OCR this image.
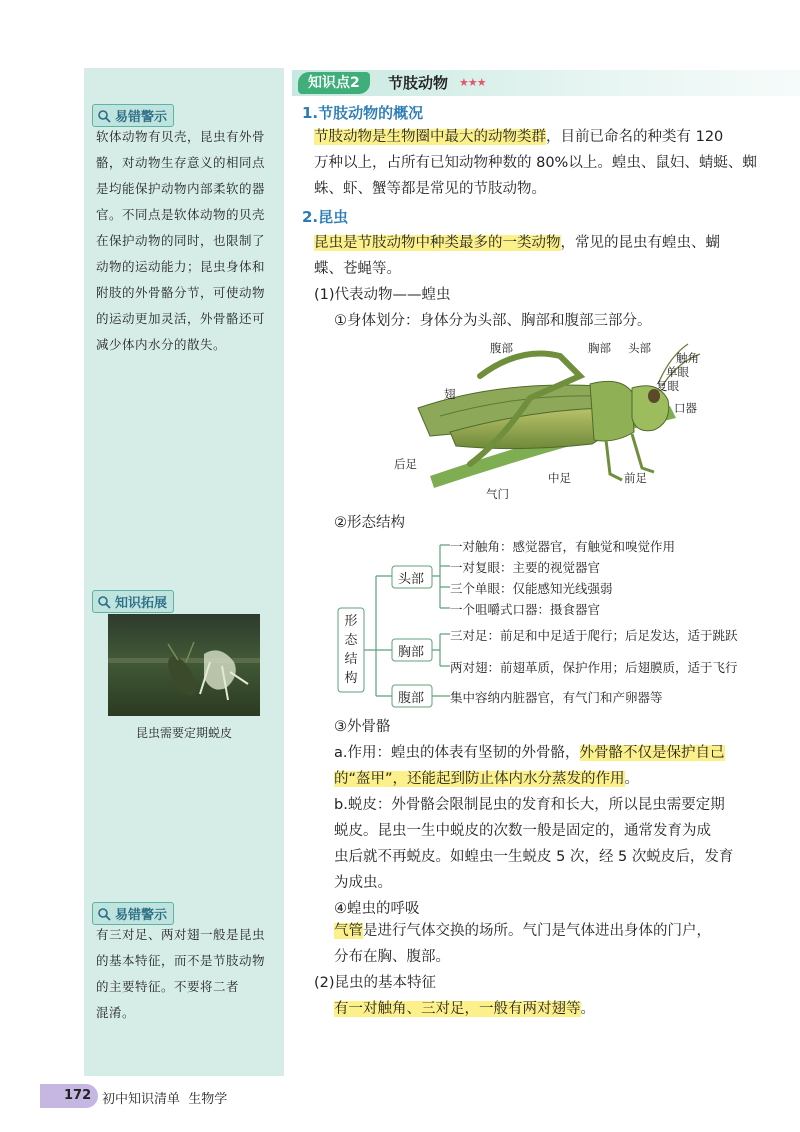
易错警示
软体动物有贝壳，昆虫有外骨
骼，对动物生存意义的相同点
是均能保护动物内部柔软的器
官。不同点是软体动物的贝壳
在保护动物的同时，也限制了
动物的运动能力；昆虫身体和
附肢的外骨骼分节，可使动物
的运动更加灵活，外骨骼还可
减少体内水分的散失。
知识拓展
昆虫需要定期蜕皮
易错警示
有三对足、两对翅一般是昆虫
的基本特征，而不是节肢动物
的主要特征。不要将二者
混淆。
知识点2	节肢动物 ★★★
1.节肢动物的概况
节肢动物是生物圈中最大的动物类群，目前已命名的种类有 120
万种以上，占所有已知动物种数的 80%以上。蝗虫、鼠妇、蜻蜓、蜘
蛛、虾、蟹等都是常见的节肢动物。
2.昆虫
昆虫是节肢动物中种类最多的一类动物，常见的昆虫有蝗虫、蝴
蝶、苍蝇等。
(1)代表动物——蝗虫
①身体划分：身体分为头部、胸部和腹部三部分。
腹部	胸部 头部
触角
单眼
复眼
口器
翅
后足
气门
中足	前足
②形态结构
形
态
结
构
头部
胸部
腹部
一对触角：感觉器官，有触觉和嗅觉作用
一对复眼：主要的视觉器官
三个单眼：仅能感知光线强弱
一个咀嚼式口器：摄食器官
三对足：前足和中足适于爬行；后足发达，适于跳跃
两对翅：前翅革质，保护作用；后翅膜质，适于飞行
集中容纳内脏器官，有气门和产卵器等
③外骨骼
a.作用：蝗虫的体表有坚韧的外骨骼，外骨骼不仅是保护自己
的“盔甲”，还能起到防止体内水分蒸发的作用。
b.蜕皮：外骨骼会限制昆虫的发育和长大，所以昆虫需要定期
蜕皮。昆虫一生中蜕皮的次数一般是固定的，通常发育为成
虫后就不再蜕皮。如蝗虫一生蜕皮 5 次，经 5 次蜕皮后，发育
为成虫。
④蝗虫的呼吸
气管是进行气体交换的场所。气门是气体进出身体的门户，
分布在胸、腹部。
(2)昆虫的基本特征
有一对触角、三对足，一般有两对翅等。
172 初中知识清单 生物学
